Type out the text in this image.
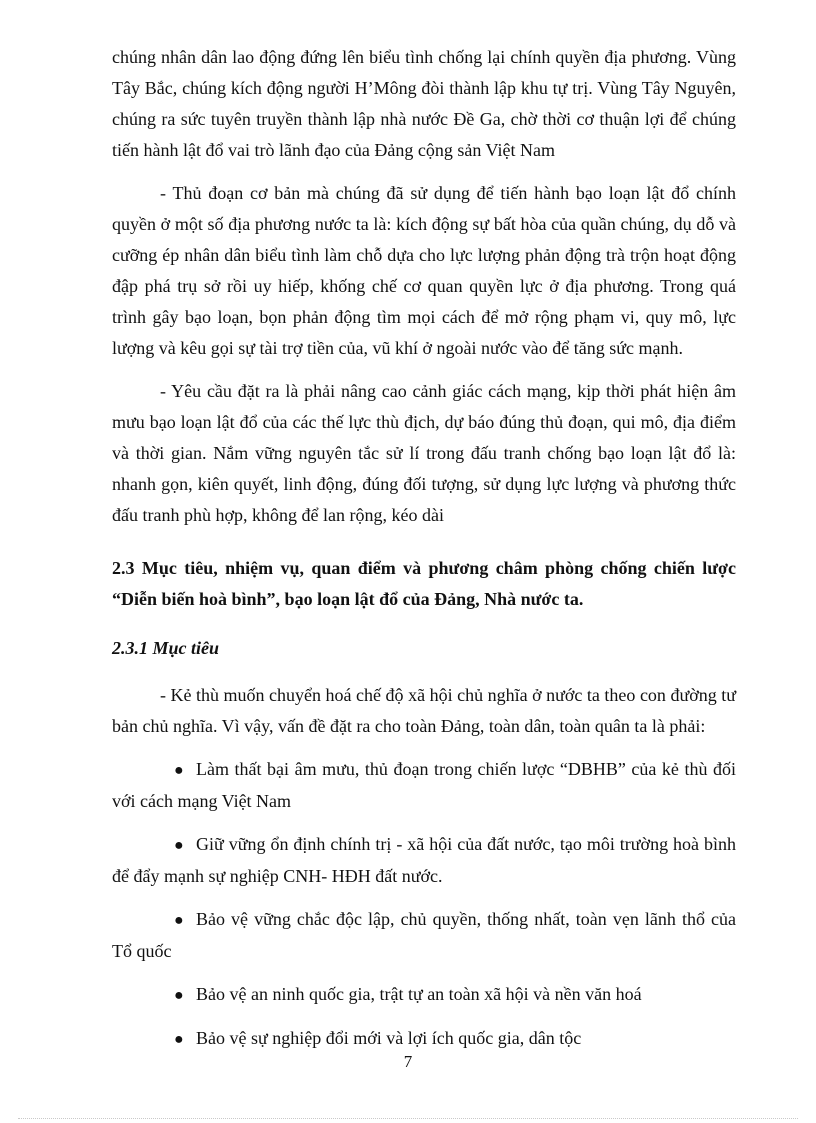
chúng nhân dân lao động đứng lên biểu tình chống lại chính quyền địa phương. Vùng Tây Bắc, chúng kích động người H’Mông đòi thành lập khu tự trị. Vùng Tây Nguyên, chúng ra sức tuyên truyền thành lập nhà nước Đề Ga, chờ thời cơ thuận lợi để chúng tiến hành lật đổ vai trò lãnh đạo của Đảng cộng sản Việt Nam

- Thủ đoạn cơ bản mà chúng đã sử dụng để tiến hành bạo loạn lật đổ chính quyền ở một số địa phương nước ta là: kích động sự bất hòa của quần chúng, dụ dỗ và cưỡng ép nhân dân biểu tình làm chỗ dựa cho lực lượng phản động trà trộn hoạt động đập phá trụ sở rồi uy hiếp, khống chế cơ quan quyền lực ở địa phương. Trong quá trình gây bạo loạn, bọn phản động tìm mọi cách để mở rộng phạm vi, quy mô, lực lượng và kêu gọi sự tài trợ tiền của, vũ khí ở ngoài nước vào để tăng sức mạnh.

- Yêu cầu đặt ra là phải nâng cao cảnh giác cách mạng, kịp thời phát hiện âm mưu bạo loạn lật đổ của các thế lực thù địch, dự báo đúng thủ đoạn, qui mô, địa điểm và thời gian. Nắm vững nguyên tắc sử lí trong đấu tranh chống bạo loạn lật đổ là: nhanh gọn, kiên quyết, linh động, đúng đối tượng, sử dụng lực lượng và phương thức đấu tranh phù hợp, không để lan rộng, kéo dài

2.3 Mục tiêu, nhiệm vụ, quan điểm và phương châm phòng chống chiến lược “Diễn biến hoà bình”, bạo loạn lật đổ của Đảng, Nhà nước ta.

2.3.1 Mục tiêu

- Kẻ thù muốn chuyển hoá chế độ xã hội chủ nghĩa ở nước ta theo con đường tư bản chủ nghĩa. Vì vậy, vấn đề đặt ra cho toàn Đảng, toàn dân, toàn quân ta là phải:

● Làm thất bại âm mưu, thủ đoạn trong chiến lược “DBHB” của kẻ thù đối với cách mạng Việt Nam

● Giữ vững ổn định chính trị - xã hội của đất nước, tạo môi trường hoà bình để đẩy mạnh sự nghiệp CNH- HĐH đất nước.

● Bảo vệ vững chắc độc lập, chủ quyền, thống nhất, toàn vẹn lãnh thổ của Tổ quốc

● Bảo vệ an ninh quốc gia, trật tự an toàn xã hội và nền văn hoá

● Bảo vệ sự nghiệp đổi mới và lợi ích quốc gia, dân tộc

7
